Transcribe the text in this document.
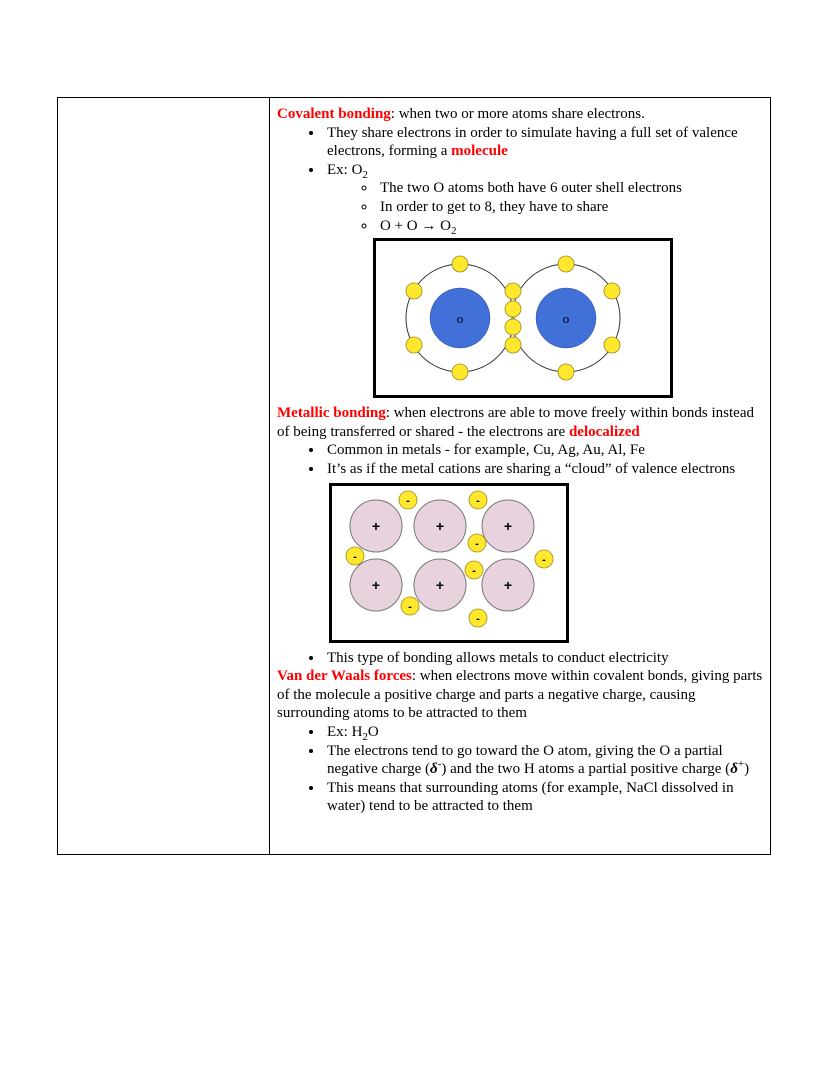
Covalent bonding: when two or more atoms share electrons.

• They share electrons in order to simulate having a full set of valence electrons, forming a molecule
• Ex: $O_2$
◦ The two O atoms both have 6 outer shell electrons
◦ In order to get to 8, they have to share
◦ $O + O \to O_2$
o	o

Metallic bonding: when electrons are able to move freely within bonds instead of being transferred or shared - the electrons are delocalized

• Common in metals - for example, Cu, Ag, Au, Al, Fe
• It’s as if the metal cations are sharing a “cloud” of valence electrons
+	+	+
+	+	+
-	-
-
-
-
-
-
-
• This type of bonding allows metals to conduct electricity

Van der Waals forces: when electrons move within covalent bonds, giving parts of the molecule a positive charge and parts a negative charge, causing surrounding atoms to be attracted to them

• Ex: $H_2O$
• The electrons tend to go toward the O atom, giving the O a partial negative charge (δ-) and the two H atoms a partial positive charge (δ+)
• This means that surrounding atoms (for example, NaCl dissolved in water) tend to be attracted to them
